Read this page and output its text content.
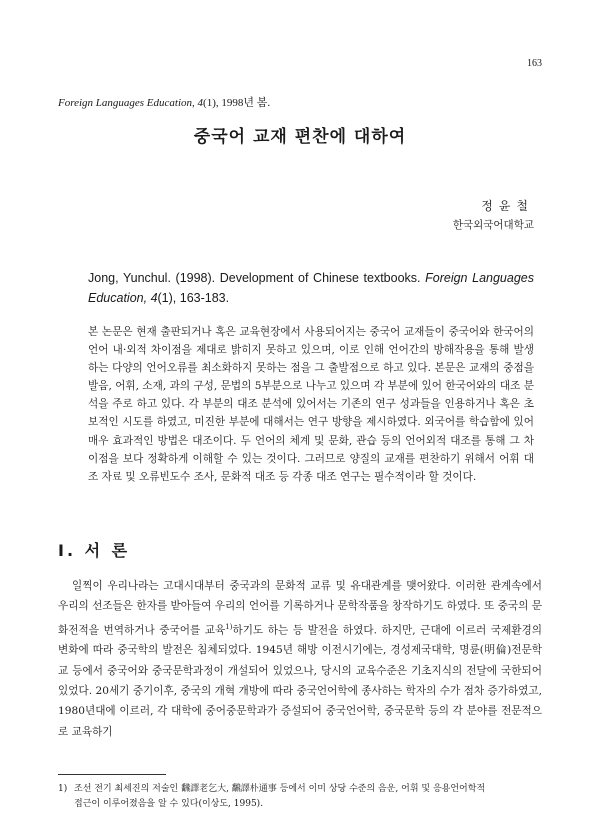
163
Foreign Languages Education, 4(1), 1998년 봄.
중국어 교재 편찬에 대하여
정윤철
한국외국어대학교
Jong, Yunchul. (1998). Development of Chinese textbooks. Foreign Languages Education, 4(1), 163-183.
본 논문은 현재 출판되거나 혹은 교육현장에서 사용되어지는 중국어 교재들이 중국어와 한국어의 언어 내·외적 차이점을 제대로 밝히지 못하고 있으며, 이로 인해 언어간의 방해작용을 통해 발생하는 다양의 언어오류를 최소화하지 못하는 점을 그 출발점으로 하고 있다. 본문은 교재의 중점을 발음, 어휘, 소재, 과의 구성, 문법의 5부분으로 나누고 있으며 각 부분에 있어 한국어와의 대조 분석을 주로 하고 있다. 각 부분의 대조 분석에 있어서는 기존의 연구 성과들을 인용하거나 혹은 초보적인 시도를 하였고, 미진한 부분에 대해서는 연구 방향을 제시하였다. 외국어를 학습함에 있어 매우 효과적인 방법은 대조이다. 두 언어의 체계 및 문화, 관습 등의 언어외적 대조를 통해 그 차이점을 보다 정확하게 이해할 수 있는 것이다. 그러므로 양질의 교재를 편찬하기 위해서 어휘 대조 자료 및 오류빈도수 조사, 문화적 대조 등 각종 대조 연구는 필수적이라 할 것이다.
I. 서 론
일찍이 우리나라는 고대시대부터 중국과의 문화적 교류 및 유대관계를 맺어왔다. 이러한 관계속에서 우리의 선조들은 한자를 받아들여 우리의 언어를 기록하거나 문학작품을 창작하기도 하였다. 또 중국의 문화전적을 번역하거나 중국어를 교육$^{1)}$하기도 하는 등 발전을 하였다. 하지만, 근대에 이르러 국제환경의 변화에 따라 중국학의 발전은 침체되었다. 1945년 해방 이전시기에는, 경성제국대학, 명륜(明倫)전문학교 등에서 중국어와 중국문학과정이 개설되어 있었으나, 당시의 교육수준은 기초지식의 전달에 국한되어 있었다. 20세기 중기이후, 중국의 개혁 개방에 따라 중국언어학에 종사하는 학자의 수가 점차 증가하였고, 1980년대에 이르러, 각 대학에 중어중문학과가 증설되어 중국언어학, 중국문학 등의 각 분야를 전문적으로 교육하기
1) 조선 전기 최세진의 저술인 飜譯老乞大, 飜譯朴通事 등에서 이미 상당 수준의 음운, 어휘 및 응용언어학적
접근이 이루어졌음을 알 수 있다(이상도, 1995).
